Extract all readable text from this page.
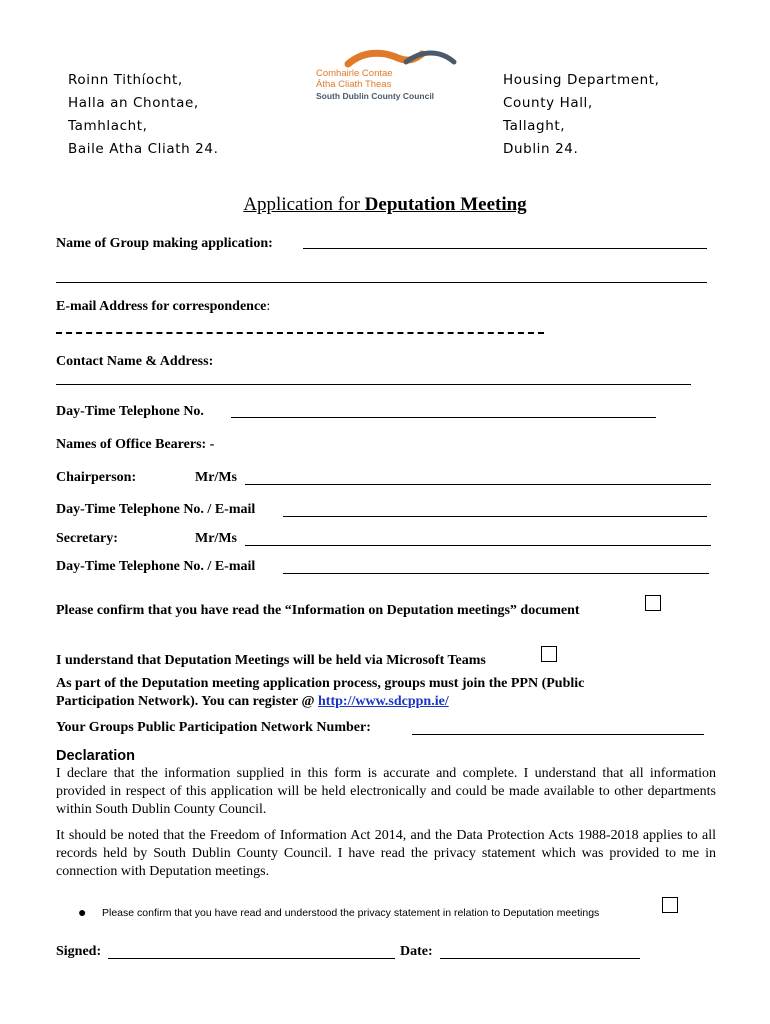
Roinn Tithíocht,
Halla an Chontae,
Tamhlacht,
Baile Atha Cliath 24.
Housing Department,
County Hall,
Tallaght,
Dublin 24.
Comhairle Contae
Átha Cliath Theas
South Dublin County Council
Application for Deputation Meeting
Name of Group making application:
E-mail Address for correspondence:
Contact Name & Address:
Day-Time Telephone No.
Names of Office Bearers: -
Chairperson:	Mr/Ms
Day-Time Telephone No. / E-mail
Secretary:	Mr/Ms
Day-Time Telephone No. / E-mail
Please confirm that you have read the “Information on Deputation meetings” document
I understand that Deputation Meetings will be held via Microsoft Teams
As part of the Deputation meeting application process, groups must join the PPN (Public
Participation Network). You can register @ http://www.sdcppn.ie/
Your Groups Public Participation Network Number:
Declaration
I declare that the information supplied in this form is accurate and complete. I understand that all information provided in respect of this application will be held electronically and could be made available to other departments within South Dublin County Council.
It should be noted that the Freedom of Information Act 2014, and the Data Protection Acts 1988-2018 applies to all records held by South Dublin County Council. I have read the privacy statement which was provided to me in connection with Deputation meetings.
● Please confirm that you have read and understood the privacy statement in relation to Deputation meetings
Signed:	Date:
